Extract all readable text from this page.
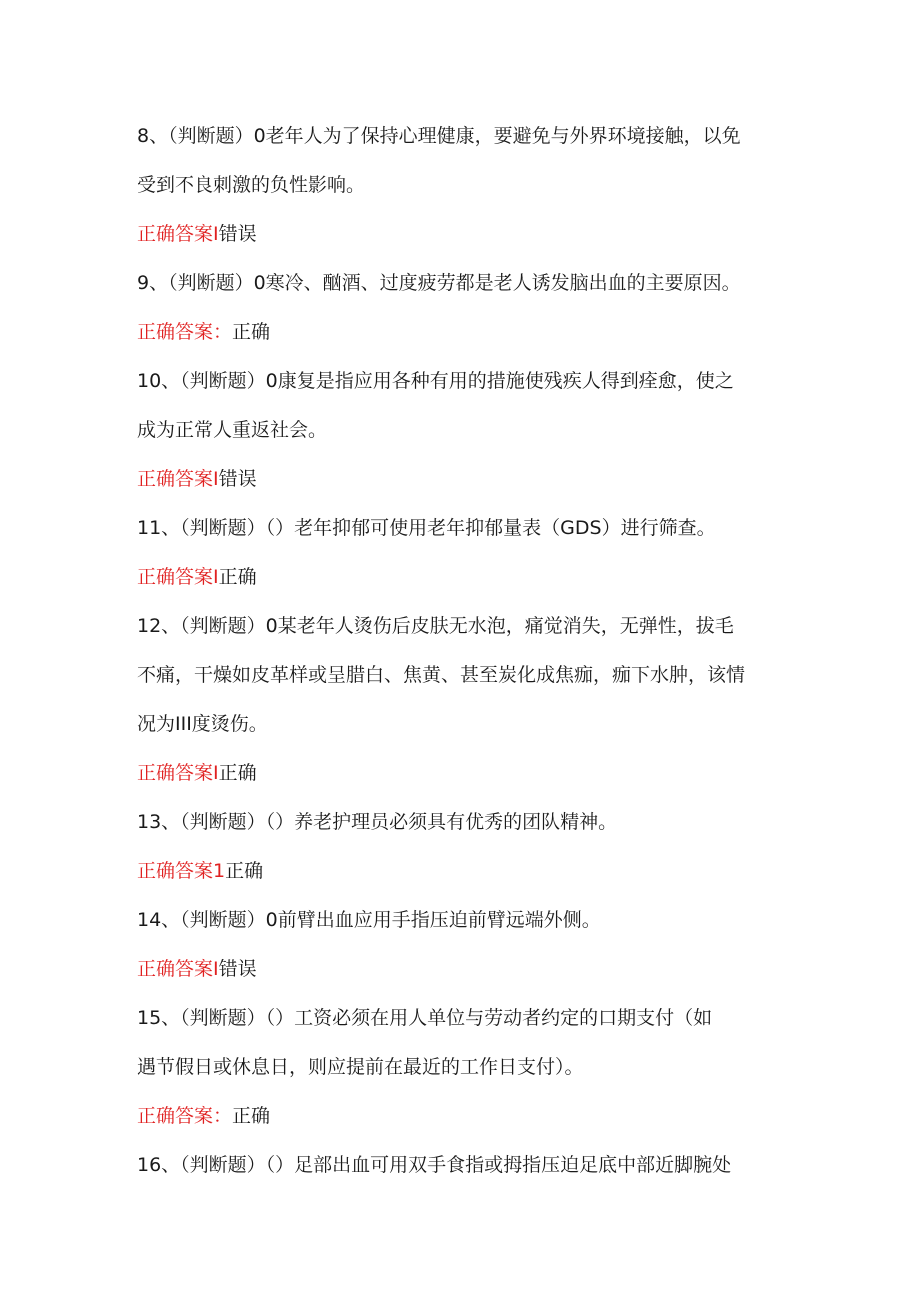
8、（判断题）0老年人为了保持心理健康，要避免与外界环境接触，以免
受到不良刺激的负性影响。
正确答案I错误
9、（判断题）0寒冷、酗酒、过度疲劳都是老人诱发脑出血的主要原因。
正确答案：正确
10、（判断题）0康复是指应用各种有用的措施使残疾人得到痊愈，使之
成为正常人重返社会。
正确答案I错误
11、（判断题）（）老年抑郁可使用老年抑郁量表（GDS）进行筛查。
正确答案I正确
12、（判断题）0某老年人烫伤后皮肤无水泡，痛觉消失，无弹性，拔毛
不痛，干燥如皮革样或呈腊白、焦黄、甚至炭化成焦痂，痂下水肿，该情
况为III度烫伤。
正确答案I正确
13、（判断题）（）养老护理员必须具有优秀的团队精神。
正确答案1正确
14、（判断题）0前臂出血应用手指压迫前臂远端外侧。
正确答案I错误
15、（判断题）（）工资必须在用人单位与劳动者约定的口期支付（如
遇节假日或休息日，则应提前在最近的工作日支付）。
正确答案：正确
16、（判断题）（）足部出血可用双手食指或拇指压迫足底中部近脚腕处
